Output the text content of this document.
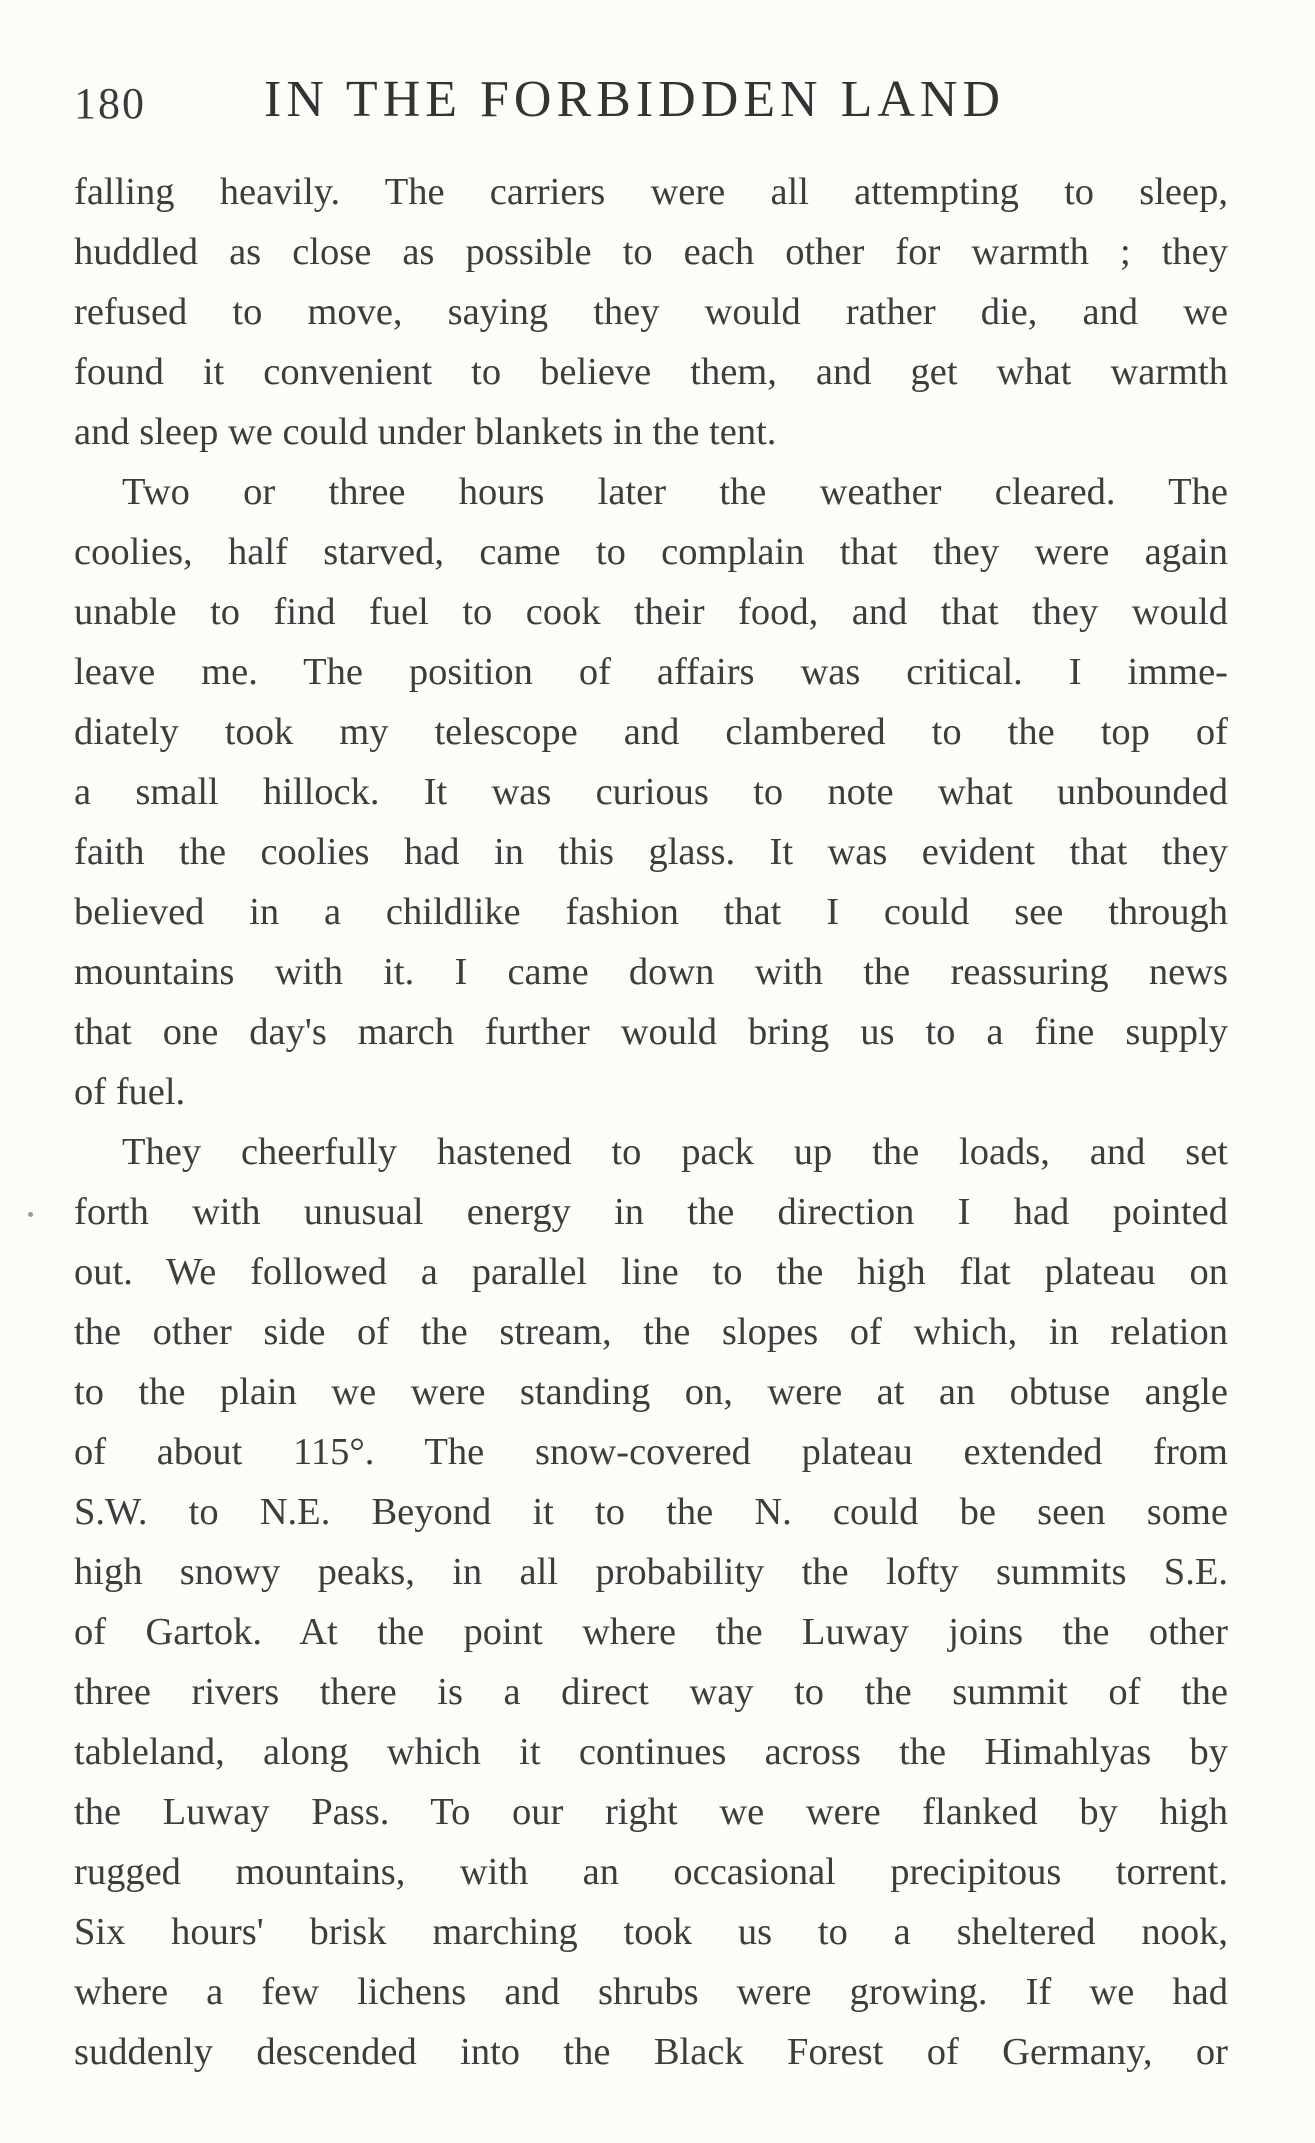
180 IN THE FORBIDDEN LAND
falling heavily. The carriers were all attempting to sleep,
huddled as close as possible to each other for warmth ; they
refused to move, saying they would rather die, and we
found it convenient to believe them, and get what warmth
and sleep we could under blankets in the tent.
Two or three hours later the weather cleared. The
coolies, half starved, came to complain that they were again
unable to find fuel to cook their food, and that they would
leave me. The position of affairs was critical. I imme-
diately took my telescope and clambered to the top of
a small hillock. It was curious to note what unbounded
faith the coolies had in this glass. It was evident that they
believed in a childlike fashion that I could see through
mountains with it. I came down with the reassuring news
that one day's march further would bring us to a fine supply
of fuel.
They cheerfully hastened to pack up the loads, and set
forth with unusual energy in the direction I had pointed
out. We followed a parallel line to the high flat plateau on
the other side of the stream, the slopes of which, in relation
to the plain we were standing on, were at an obtuse angle
of about 115°. The snow-covered plateau extended from
S.W. to N.E. Beyond it to the N. could be seen some
high snowy peaks, in all probability the lofty summits S.E.
of Gartok. At the point where the Luway joins the other
three rivers there is a direct way to the summit of the
tableland, along which it continues across the Himahlyas by
the Luway Pass. To our right we were flanked by high
rugged mountains, with an occasional precipitous torrent.
Six hours' brisk marching took us to a sheltered nook,
where a few lichens and shrubs were growing. If we had
suddenly descended into the Black Forest of Germany, or
